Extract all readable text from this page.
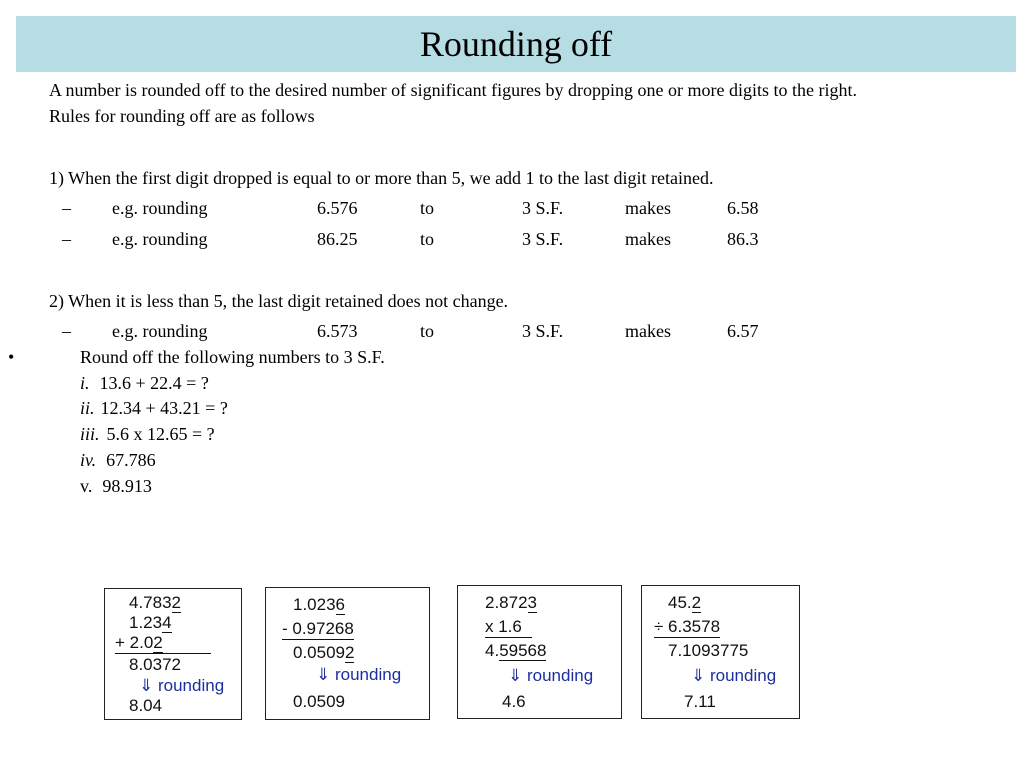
Rounding off
A number is rounded off to the desired number of significant figures by dropping one or more digits to the right.
Rules for rounding off are as follows
1) When the first digit dropped is equal to or more than 5, we add 1 to the last digit retained.
– e.g. rounding	6.576	to	3 S.F.	makes	6.58
– e.g. rounding	86.25	to	3 S.F.	makes	86.3
2) When it is less than 5, the last digit retained does not change.
– e.g. rounding	6.573	to	3 S.F.	makes	6.57
•	Round off the following numbers to 3 S.F.
i. 13.6 + 22.4 = ?
ii. 12.34 + 43.21 = ?
iii. 5.6 x 12.65 = ?
iv. 67.786
v. 98.913
4.7832
1.234
+ 2.02
8.0372
⇓ rounding
8.04
1.0236
- 0.97268
0.05092
⇓ rounding
0.0509
2.8723
x 1.6
4.59568
⇓ rounding
4.6
45.2
÷ 6.3578
7.1093775
⇓ rounding
7.11
